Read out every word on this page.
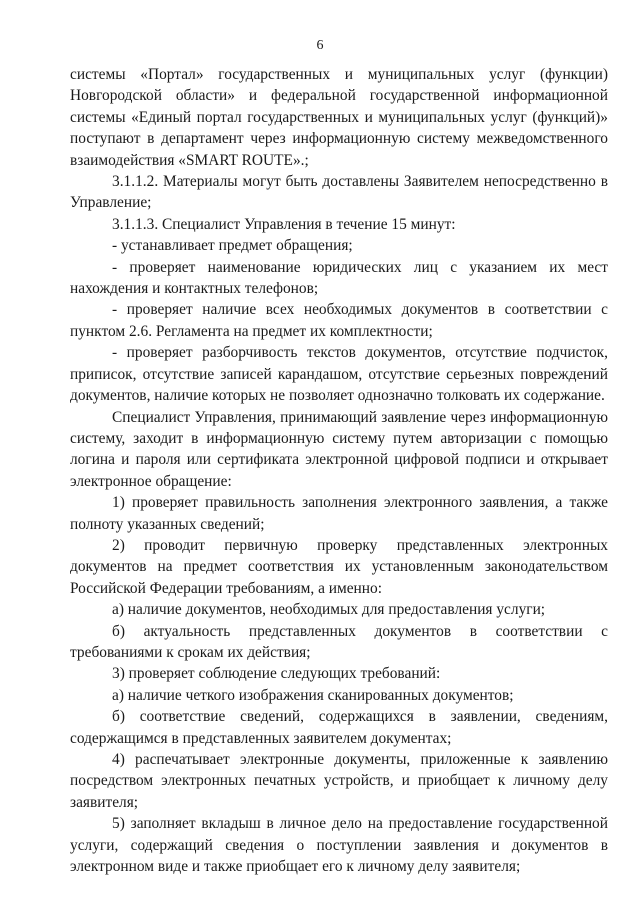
6

системы «Портал» государственных и муниципальных услуг (функции) Новгородской области» и федеральной государственной информационной системы «Единый портал государственных и муниципальных услуг (функций)» поступают в департамент через информационную систему межведомственного взаимодействия «SMART ROUTE».;

3.1.1.2. Материалы могут быть доставлены Заявителем непосредственно в Управление;

3.1.1.3. Специалист Управления в течение 15 минут:

- устанавливает предмет обращения;

- проверяет наименование юридических лиц с указанием их мест нахождения и контактных телефонов;

- проверяет наличие всех необходимых документов в соответствии с пунктом 2.6. Регламента на предмет их комплектности;

- проверяет разборчивость текстов документов, отсутствие подчисток, приписок, отсутствие записей карандашом, отсутствие серьезных повреждений документов, наличие которых не позволяет однозначно толковать их содержание.

Специалист Управления, принимающий заявление через информационную систему, заходит в информационную систему путем авторизации с помощью логина и пароля или сертификата электронной цифровой подписи и открывает электронное обращение:

1) проверяет правильность заполнения электронного заявления, а также полноту указанных сведений;

2) проводит первичную проверку представленных электронных документов на предмет соответствия их установленным законодательством Российской Федерации требованиям, а именно:

а) наличие документов, необходимых для предоставления услуги;

б) актуальность представленных документов в соответствии с требованиями к срокам их действия;

3) проверяет соблюдение следующих требований:

а) наличие четкого изображения сканированных документов;

б) соответствие сведений, содержащихся в заявлении, сведениям, содержащимся в представленных заявителем документах;

4) распечатывает электронные документы, приложенные к заявлению посредством электронных печатных устройств, и приобщает к личному делу заявителя;

5) заполняет вкладыш в личное дело на предоставление государственной услуги, содержащий сведения о поступлении заявления и документов в электронном виде и также приобщает его к личному делу заявителя;
